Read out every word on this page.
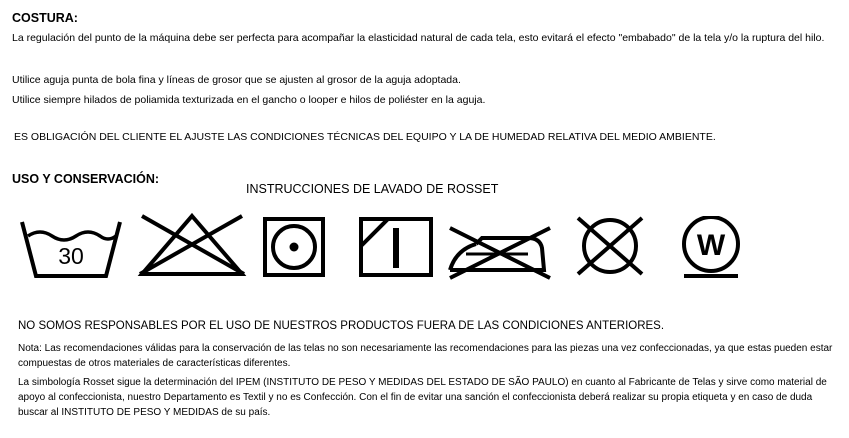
COSTURA:
La regulación del punto de la máquina debe ser perfecta para acompañar la elasticidad natural de cada tela, esto evitará el efecto "embabado" de la tela y/o la ruptura del hilo.
Utilice aguja punta de bola fina y líneas de grosor que se ajusten al grosor de la aguja adoptada.
Utilice siempre hilados de poliamida texturizada en el gancho o looper e hilos de poliéster en la aguja.
ES OBLIGACIÓN DEL CLIENTE EL AJUSTE LAS CONDICIONES TÉCNICAS DEL EQUIPO Y LA DE HUMEDAD RELATIVA DEL MEDIO AMBIENTE.
USO Y CONSERVACIÓN:
INSTRUCCIONES DE LAVADO DE ROSSET
30	W
NO SOMOS RESPONSABLES POR EL USO DE NUESTROS PRODUCTOS FUERA DE LAS CONDICIONES ANTERIORES.
Nota: Las recomendaciones válidas para la conservación de las telas no son necesariamente las recomendaciones para las piezas una vez confeccionadas, ya que estas pueden estar compuestas de otros materiales de características diferentes.
La simbología Rosset sigue la determinación del IPEM (INSTITUTO DE PESO Y MEDIDAS DEL ESTADO DE SÃO PAULO) en cuanto al Fabricante de Telas y sirve como material de apoyo al confeccionista, nuestro Departamento es Textil y no es Confección. Con el fin de evitar una sanción el confeccionista deberá realizar su propia etiqueta y en caso de duda buscar al INSTITUTO DE PESO Y MEDIDAS de su país.
